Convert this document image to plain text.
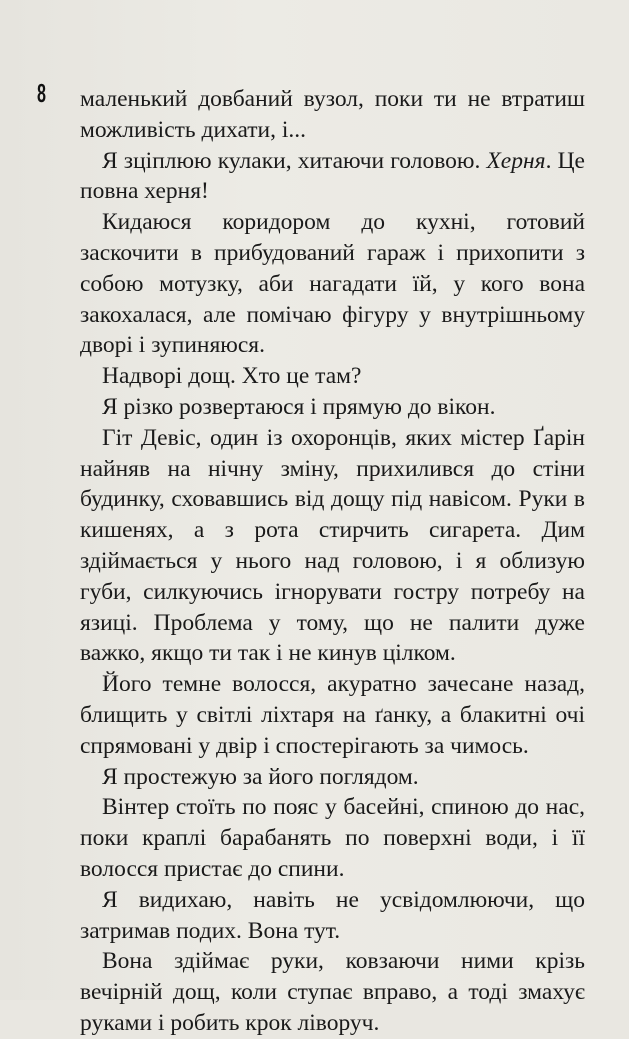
8 маленький довбаний вузол, поки ти не втратиш можливість дихати, і...

Я зціплюю кулаки, хитаючи головою. Херня. Це повна херня!

Кидаюся коридором до кухні, готовий заскочити в прибудований гараж і прихопити з собою мотузку, аби нагадати їй, у кого вона закохалася, але помічаю фігуру у внутрішньому дворі і зупиняюся.

Надворі дощ. Хто це там?

Я різко розвертаюся і прямую до вікон.

Гіт Девіс, один із охоронців, яких містер Ґарін найняв на нічну зміну, прихилився до стіни будинку, сховавшись від дощу під навісом. Руки в кишенях, а з рота стирчить сигарета. Дим здіймається у нього над головою, і я облизую губи, силкуючись ігнорувати гостру потребу на язиці. Проблема у тому, що не палити дуже важко, якщо ти так і не кинув цілком.

Його темне волосся, акуратно зачесане назад, блищить у світлі ліхтаря на ґанку, а блакитні очі спрямовані у двір і спостерігають за чимось.

Я простежую за його поглядом.

Вінтер стоїть по пояс у басейні, спиною до нас, поки краплі барабанять по поверхні води, і її волосся пристає до спини.

Я видихаю, навіть не усвідомлюючи, що затримав подих. Вона тут.

Вона здіймає руки, ковзаючи ними крізь вечірній дощ, коли ступає вправо, а тоді змахує руками і робить крок ліворуч.
